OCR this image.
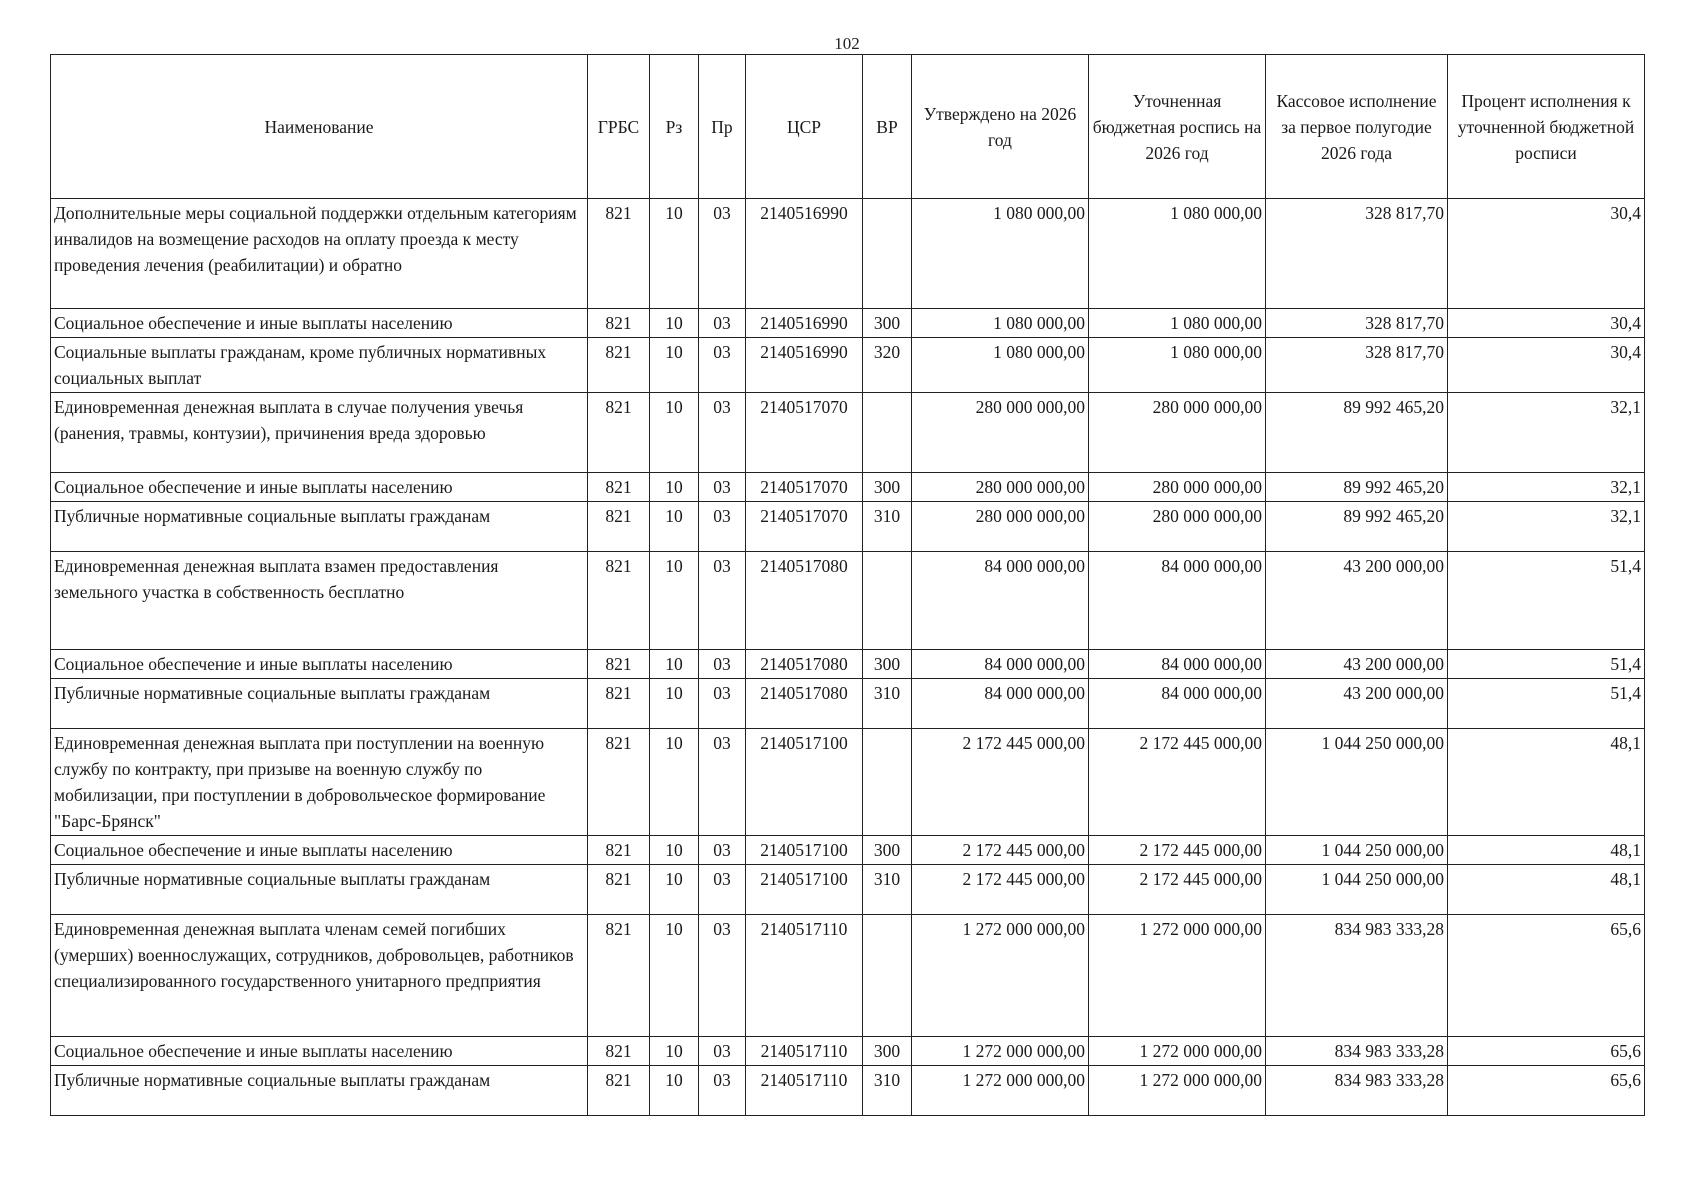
102
Наименование	ГРБС	Рз	Пр	ЦСР	ВР	Утверждено на 2026 год	Уточненная бюджетная роспись на 2026 год	Кассовое исполнение за первое полугодие 2026 года	Процент исполнения к уточненной бюджетной росписи
Дополнительные меры социальной поддержки отдельным категориям инвалидов на возмещение расходов на оплату проезда к месту проведения лечения (реабилитации) и обратно	821	10	03	2140516990		1 080 000,00	1 080 000,00	328 817,70	30,4
Социальное обеспечение и иные выплаты населению	821	10	03	2140516990	300	1 080 000,00	1 080 000,00	328 817,70	30,4
Социальные выплаты гражданам, кроме публичных нормативных социальных выплат	821	10	03	2140516990	320	1 080 000,00	1 080 000,00	328 817,70	30,4
Единовременная денежная выплата в случае получения увечья (ранения, травмы, контузии), причинения вреда здоровью	821	10	03	2140517070		280 000 000,00	280 000 000,00	89 992 465,20	32,1
Социальное обеспечение и иные выплаты населению	821	10	03	2140517070	300	280 000 000,00	280 000 000,00	89 992 465,20	32,1
Публичные нормативные социальные выплаты гражданам	821	10	03	2140517070	310	280 000 000,00	280 000 000,00	89 992 465,20	32,1
Единовременная денежная выплата взамен предоставления земельного участка в собственность бесплатно	821	10	03	2140517080		84 000 000,00	84 000 000,00	43 200 000,00	51,4
Социальное обеспечение и иные выплаты населению	821	10	03	2140517080	300	84 000 000,00	84 000 000,00	43 200 000,00	51,4
Публичные нормативные социальные выплаты гражданам	821	10	03	2140517080	310	84 000 000,00	84 000 000,00	43 200 000,00	51,4
Единовременная денежная выплата при поступлении на военную службу по контракту, при призыве на военную службу по мобилизации, при поступлении в добровольческое формирование "Барс-Брянск"	821	10	03	2140517100		2 172 445 000,00	2 172 445 000,00	1 044 250 000,00	48,1
Социальное обеспечение и иные выплаты населению	821	10	03	2140517100	300	2 172 445 000,00	2 172 445 000,00	1 044 250 000,00	48,1
Публичные нормативные социальные выплаты гражданам	821	10	03	2140517100	310	2 172 445 000,00	2 172 445 000,00	1 044 250 000,00	48,1
Единовременная денежная выплата членам семей погибших (умерших) военнослужащих, сотрудников, добровольцев, работников специализированного государственного унитарного предприятия	821	10	03	2140517110		1 272 000 000,00	1 272 000 000,00	834 983 333,28	65,6
Социальное обеспечение и иные выплаты населению	821	10	03	2140517110	300	1 272 000 000,00	1 272 000 000,00	834 983 333,28	65,6
Публичные нормативные социальные выплаты гражданам	821	10	03	2140517110	310	1 272 000 000,00	1 272 000 000,00	834 983 333,28	65,6
